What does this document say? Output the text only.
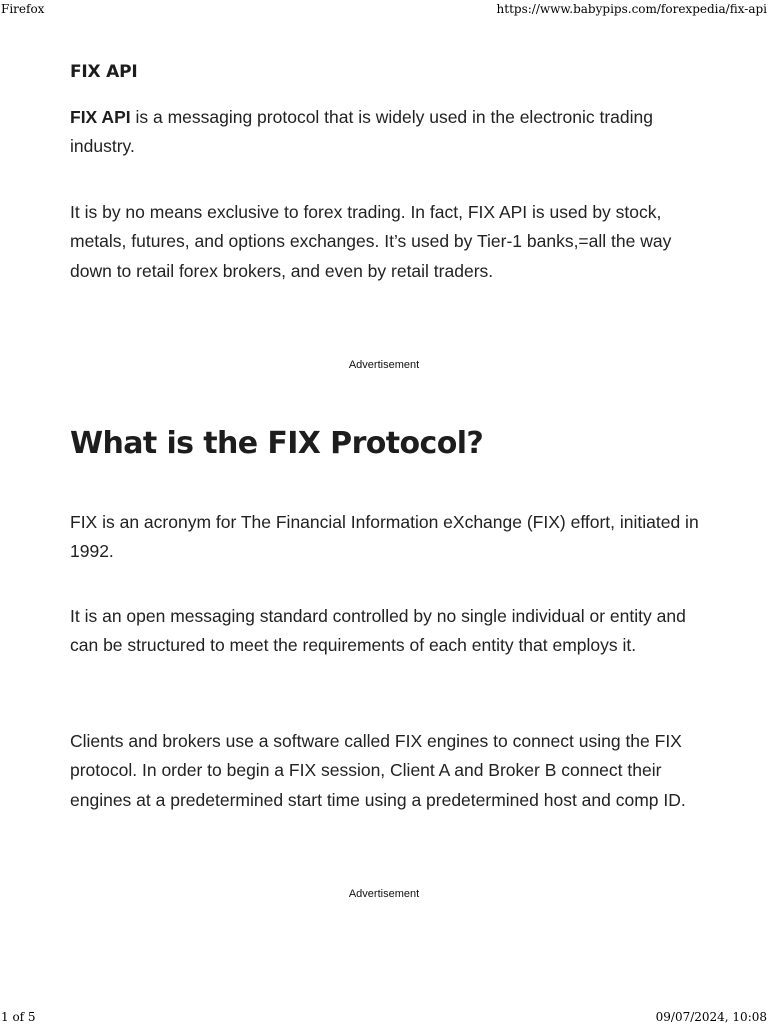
Firefox	https://www.babypips.com/forexpedia/fix-api
FIX API

FIX API is a messaging protocol that is widely used in the electronic trading industry.

It is by no means exclusive to forex trading. In fact, FIX API is used by stock, metals, futures, and options exchanges. It’s used by Tier-1 banks,=all the way down to retail forex brokers, and even by retail traders.

Advertisement
What is the FIX Protocol?

FIX is an acronym for The Financial Information eXchange (FIX) effort, initiated in 1992.

It is an open messaging standard controlled by no single individual or entity and can be structured to meet the requirements of each entity that employs it.

Clients and brokers use a software called FIX engines to connect using the FIX protocol. In order to begin a FIX session, Client A and Broker B connect their engines at a predetermined start time using a predetermined host and comp ID.

Advertisement
1 of 5	09/07/2024, 10:08
